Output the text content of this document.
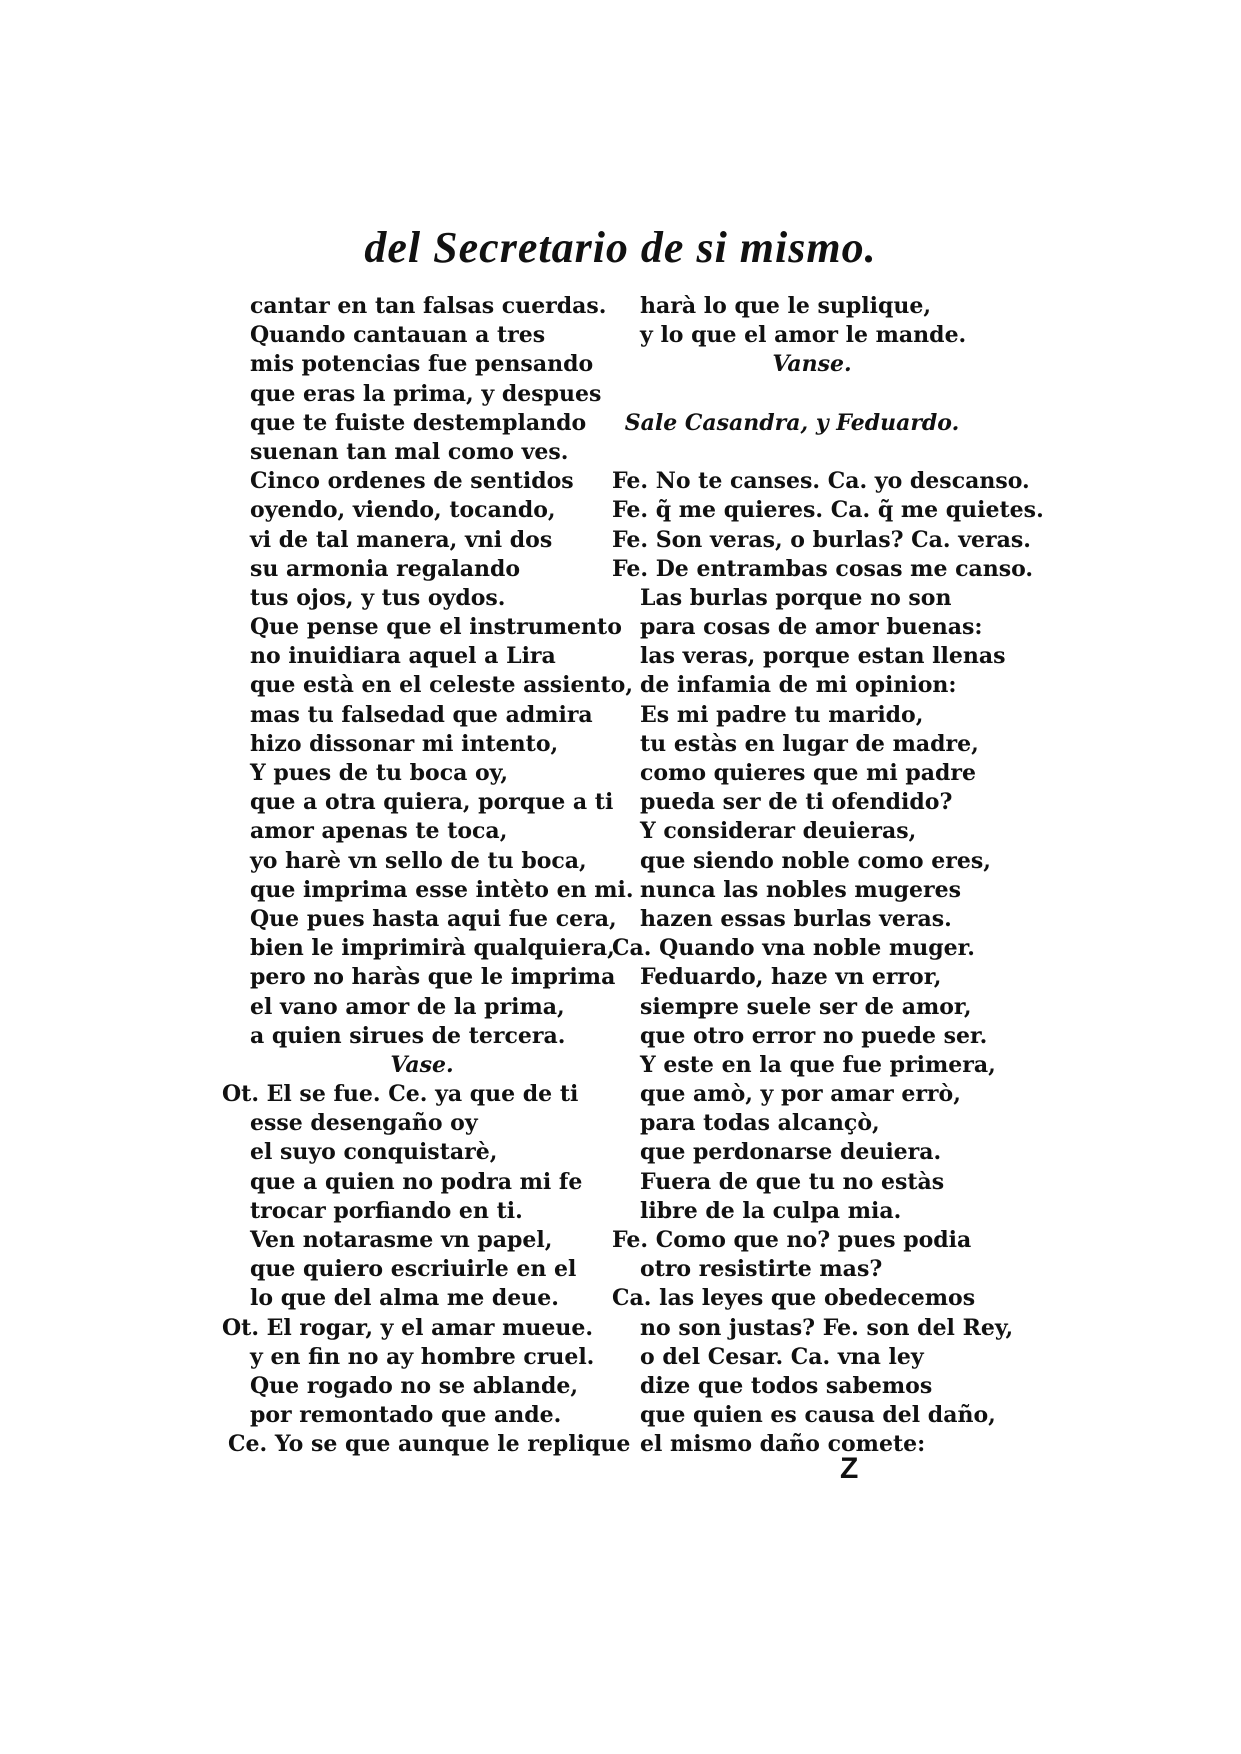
del Secretario de si mismo.
cantar en tan falsas cuerdas.
Quando cantauan a tres
mis potencias fue pensando
que eras la prima, y despues
que te fuiste destemplando
suenan tan mal como ves.
Cinco ordenes de sentidos
oyendo, viendo, tocando,
vi de tal manera, vni dos
su armonia regalando
tus ojos, y tus oydos.
Que pense que el instrumento
no inuidiara aquel a Lira
que està en el celeste assiento,
mas tu falsedad que admira
hizo dissonar mi intento,
Y pues de tu boca oy,
que a otra quiera, porque a ti
amor apenas te toca,
yo harè vn sello de tu boca,
que imprima esse intèto en mi.
Que pues hasta aqui fue cera,
bien le imprimirà qualquiera,
pero no haràs que le imprima
el vano amor de la prima,
a quien sirues de tercera.
Vase.
Ot. El se fue. Ce. ya que de ti
esse desengaño oy
el suyo conquistarè,
que a quien no podra mi fe
trocar porfiando en ti.
Ven notarasme vn papel,
que quiero escriuirle en el
lo que del alma me deue.
Ot. El rogar, y el amar mueue.
y en fin no ay hombre cruel.
Que rogado no se ablande,
por remontado que ande.
Ce. Yo se que aunque le replique
harà lo que le suplique,
y lo que el amor le mande.
Vanse.
Sale Casandra, y Feduardo.
Fe. No te canses. Ca. yo descanso.
Fe. q̃ me quieres. Ca. q̃ me quietes.
Fe. Son veras, o burlas? Ca. veras.
Fe. De entrambas cosas me canso.
Las burlas porque no son
para cosas de amor buenas:
las veras, porque estan llenas
de infamia de mi opinion:
Es mi padre tu marido,
tu estàs en lugar de madre,
como quieres que mi padre
pueda ser de ti ofendido?
Y considerar deuieras,
que siendo noble como eres,
nunca las nobles mugeres
hazen essas burlas veras.
Ca. Quando vna noble muger.
Feduardo, haze vn error,
siempre suele ser de amor,
que otro error no puede ser.
Y este en la que fue primera,
que amò, y por amar errò,
para todas alcançò,
que perdonarse deuiera.
Fuera de que tu no estàs
libre de la culpa mia.
Fe. Como que no? pues podia
otro resistirte mas?
Ca. las leyes que obedecemos
no son justas? Fe. son del Rey,
o del Cesar. Ca. vna ley
dize que todos sabemos
que quien es causa del daño,
el mismo daño comete:
Z
